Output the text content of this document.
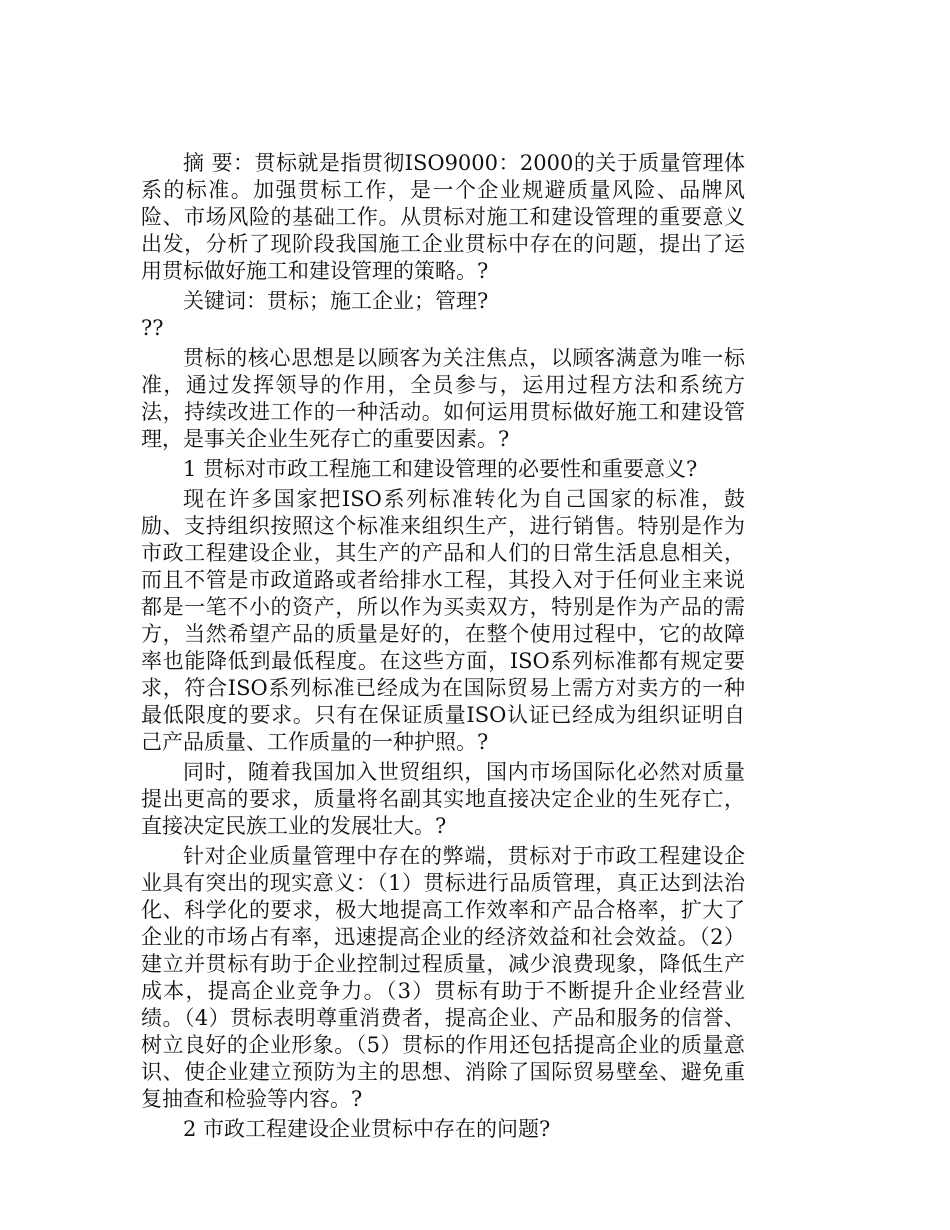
摘 要：贯标就是指贯彻ISO9000：2000的关于质量管理体系的标准。加强贯标工作，是一个企业规避质量风险、品牌风险、市场风险的基础工作。从贯标对施工和建设管理的重要意义出发，分析了现阶段我国施工企业贯标中存在的问题，提出了运用贯标做好施工和建设管理的策略。?

关键词：贯标；施工企业；管理?

??

贯标的核心思想是以顾客为关注焦点，以顾客满意为唯一标准，通过发挥领导的作用，全员参与，运用过程方法和系统方法，持续改进工作的一种活动。如何运用贯标做好施工和建设管理，是事关企业生死存亡的重要因素。?

1 贯标对市政工程施工和建设管理的必要性和重要意义?

现在许多国家把ISO系列标准转化为自己国家的标准，鼓励、支持组织按照这个标准来组织生产，进行销售。特别是作为市政工程建设企业，其生产的产品和人们的日常生活息息相关，而且不管是市政道路或者给排水工程，其投入对于任何业主来说都是一笔不小的资产，所以作为买卖双方，特别是作为产品的需方，当然希望产品的质量是好的，在整个使用过程中，它的故障率也能降低到最低程度。在这些方面，ISO系列标准都有规定要求，符合ISO系列标准已经成为在国际贸易上需方对卖方的一种最低限度的要求。只有在保证质量ISO认证已经成为组织证明自己产品质量、工作质量的一种护照。?

同时，随着我国加入世贸组织，国内市场国际化必然对质量提出更高的要求，质量将名副其实地直接决定企业的生死存亡，直接决定民族工业的发展壮大。?

针对企业质量管理中存在的弊端，贯标对于市政工程建设企业具有突出的现实意义：（1）贯标进行品质管理，真正达到法治化、科学化的要求，极大地提高工作效率和产品合格率，扩大了企业的市场占有率，迅速提高企业的经济效益和社会效益。（2）建立并贯标有助于企业控制过程质量，减少浪费现象，降低生产成本，提高企业竞争力。（3）贯标有助于不断提升企业经营业绩。（4）贯标表明尊重消费者，提高企业、产品和服务的信誉、树立良好的企业形象。（5）贯标的作用还包括提高企业的质量意识、使企业建立预防为主的思想、消除了国际贸易壁垒、避免重复抽查和检验等内容。?

2 市政工程建设企业贯标中存在的问题?
